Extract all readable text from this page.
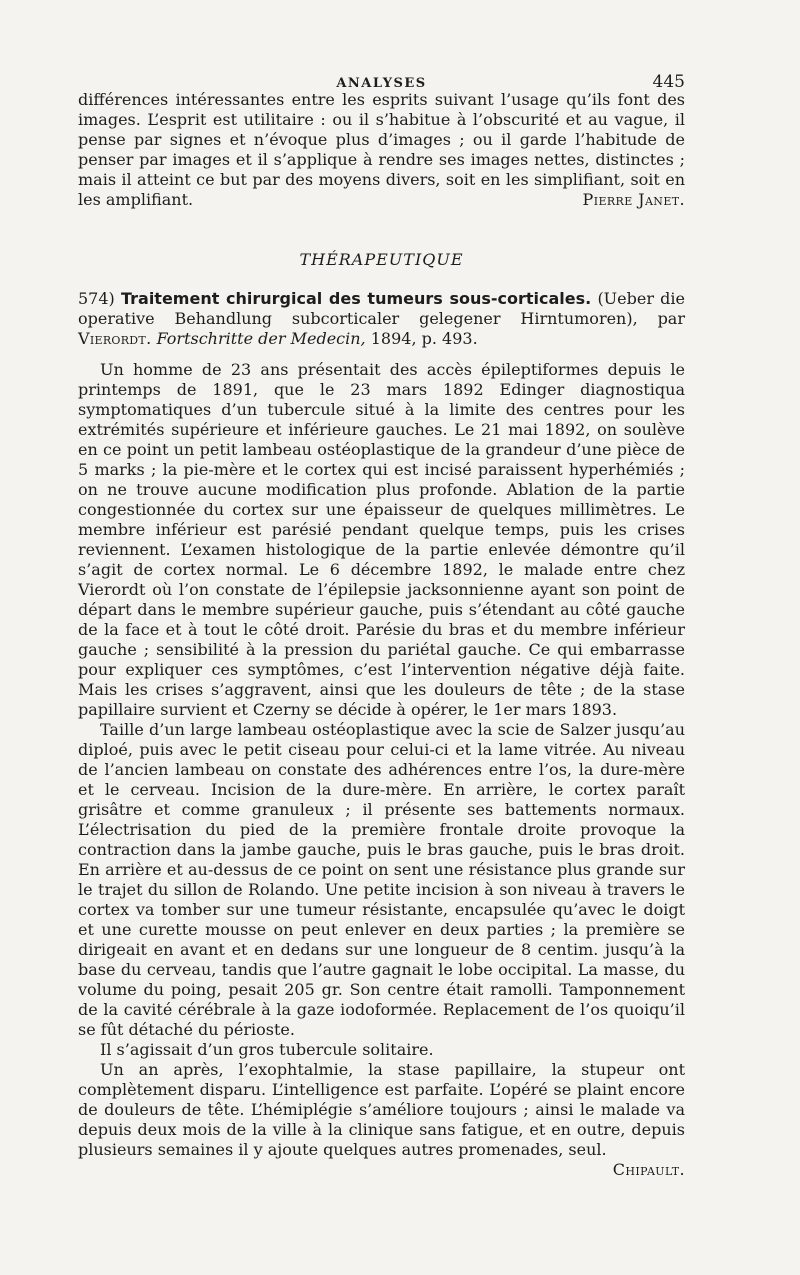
ANALYSES	445

différences intéressantes entre les esprits suivant l’usage qu’ils font des images. L’esprit est utilitaire : ou il s’habitue à l’obscurité et au vague, il pense par signes et n’évoque plus d’images ; ou il garde l’habitude de penser par images et il s’applique à rendre ses images nettes, distinctes ; mais il atteint ce but par des moyens divers, soit en les simplifiant, soit en les amplifiant.	Pierre Janet.

THÉRAPEUTIQUE
574) Traitement chirurgical des tumeurs sous-corticales. (Ueber die operative Behandlung subcorticaler gelegener Hirntumoren), par Vierordt. Fortschritte der Medecin, 1894, p. 493.

Un homme de 23 ans présentait des accès épileptiformes depuis le printemps de 1891, que le 23 mars 1892 Edinger diagnostiqua symptomatiques d’un tubercule situé à la limite des centres pour les extrémités supérieure et inférieure gauches. Le 21 mai 1892, on soulève en ce point un petit lambeau ostéoplastique de la grandeur d’une pièce de 5 marks ; la pie-mère et le cortex qui est incisé paraissent hyperhémiés ; on ne trouve aucune modification plus profonde. Ablation de la partie congestionnée du cortex sur une épaisseur de quelques millimètres. Le membre inférieur est parésié pendant quelque temps, puis les crises reviennent. L’examen histologique de la partie enlevée démontre qu’il s’agit de cortex normal. Le 6 décembre 1892, le malade entre chez Vierordt où l’on constate de l’épilepsie jacksonnienne ayant son point de départ dans le membre supérieur gauche, puis s’étendant au côté gauche de la face et à tout le côté droit. Parésie du bras et du membre inférieur gauche ; sensibilité à la pression du pariétal gauche. Ce qui embarrasse pour expliquer ces symptômes, c’est l’intervention négative déjà faite. Mais les crises s’aggravent, ainsi que les douleurs de tête ; de la stase papillaire survient et Czerny se décide à opérer, le 1er mars 1893.

Taille d’un large lambeau ostéoplastique avec la scie de Salzer jusqu’au diploé, puis avec le petit ciseau pour celui-ci et la lame vitrée. Au niveau de l’ancien lambeau on constate des adhérences entre l’os, la dure-mère et le cerveau. Incision de la dure-mère. En arrière, le cortex paraît grisâtre et comme granuleux ; il présente ses battements normaux. L’électrisation du pied de la première frontale droite provoque la contraction dans la jambe gauche, puis le bras gauche, puis le bras droit. En arrière et au-dessus de ce point on sent une résistance plus grande sur le trajet du sillon de Rolando. Une petite incision à son niveau à travers le cortex va tomber sur une tumeur résistante, encapsulée qu’avec le doigt et une curette mousse on peut enlever en deux parties ; la première se dirigeait en avant et en dedans sur une longueur de 8 centim. jusqu’à la base du cerveau, tandis que l’autre gagnait le lobe occipital. La masse, du volume du poing, pesait 205 gr. Son centre était ramolli. Tamponnement de la cavité cérébrale à la gaze iodoformée. Replacement de l’os quoiqu’il se fût détaché du périoste.

Il s’agissait d’un gros tubercule solitaire.

Un an après, l’exophtalmie, la stase papillaire, la stupeur ont complètement disparu. L’intelligence est parfaite. L’opéré se plaint encore de douleurs de tête. L’hémiplégie s’améliore toujours ; ainsi le malade va depuis deux mois de la ville à la clinique sans fatigue, et en outre, depuis plusieurs semaines il y ajoute quelques autres promenades, seul.
Chipault.
